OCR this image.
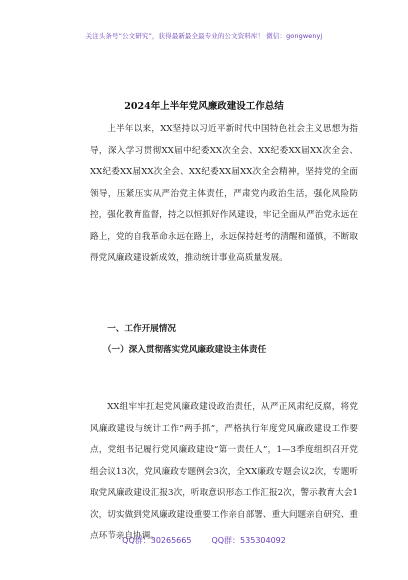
关注头条号“公文研究”，获得最新最全最专业的公文资料库！ 微信：gongwenyj
2024年上半年党风廉政建设工作总结

上半年以来，XX坚持以习近平新时代中国特色社会主义思想为指导，深入学习贯彻XX届中纪委XX次全会、XX纪委XX届XX次全会、XX纪委XX届XX次全会、XX纪委XX届XX次全会精神，坚持党的全面领导，压紧压实从严治党主体责任，严肃党内政治生活，强化风险防控，强化教育监督，持之以恒抓好作风建设，牢记全面从严治党永远在路上，党的自我革命永远在路上，永远保持赶考的清醒和谨慎，不断取得党风廉政建设新成效，推动统计事业高质量发展。

一、工作开展情况
（一）深入贯彻落实党风廉政建设主体责任

XX组牢牢扛起党风廉政建设政治责任，从严正风肃纪反腐，将党风廉政建设与统计工作“两手抓”，严格执行年度党风廉政建设工作要点，党组书记履行党风廉政建设“第一责任人”，1—3季度组织召开党组会议13次，党风廉政专题例会3次，全XX廉政专题会议2次，专题听取党风廉政建设汇报3次，听取意识形态工作汇报2次，警示教育大会1次，切实做到党风廉政建设重要工作亲自部署、重大问题亲自研究、重点环节亲自协调。

QQ群：30265665	QQ群：535304092
